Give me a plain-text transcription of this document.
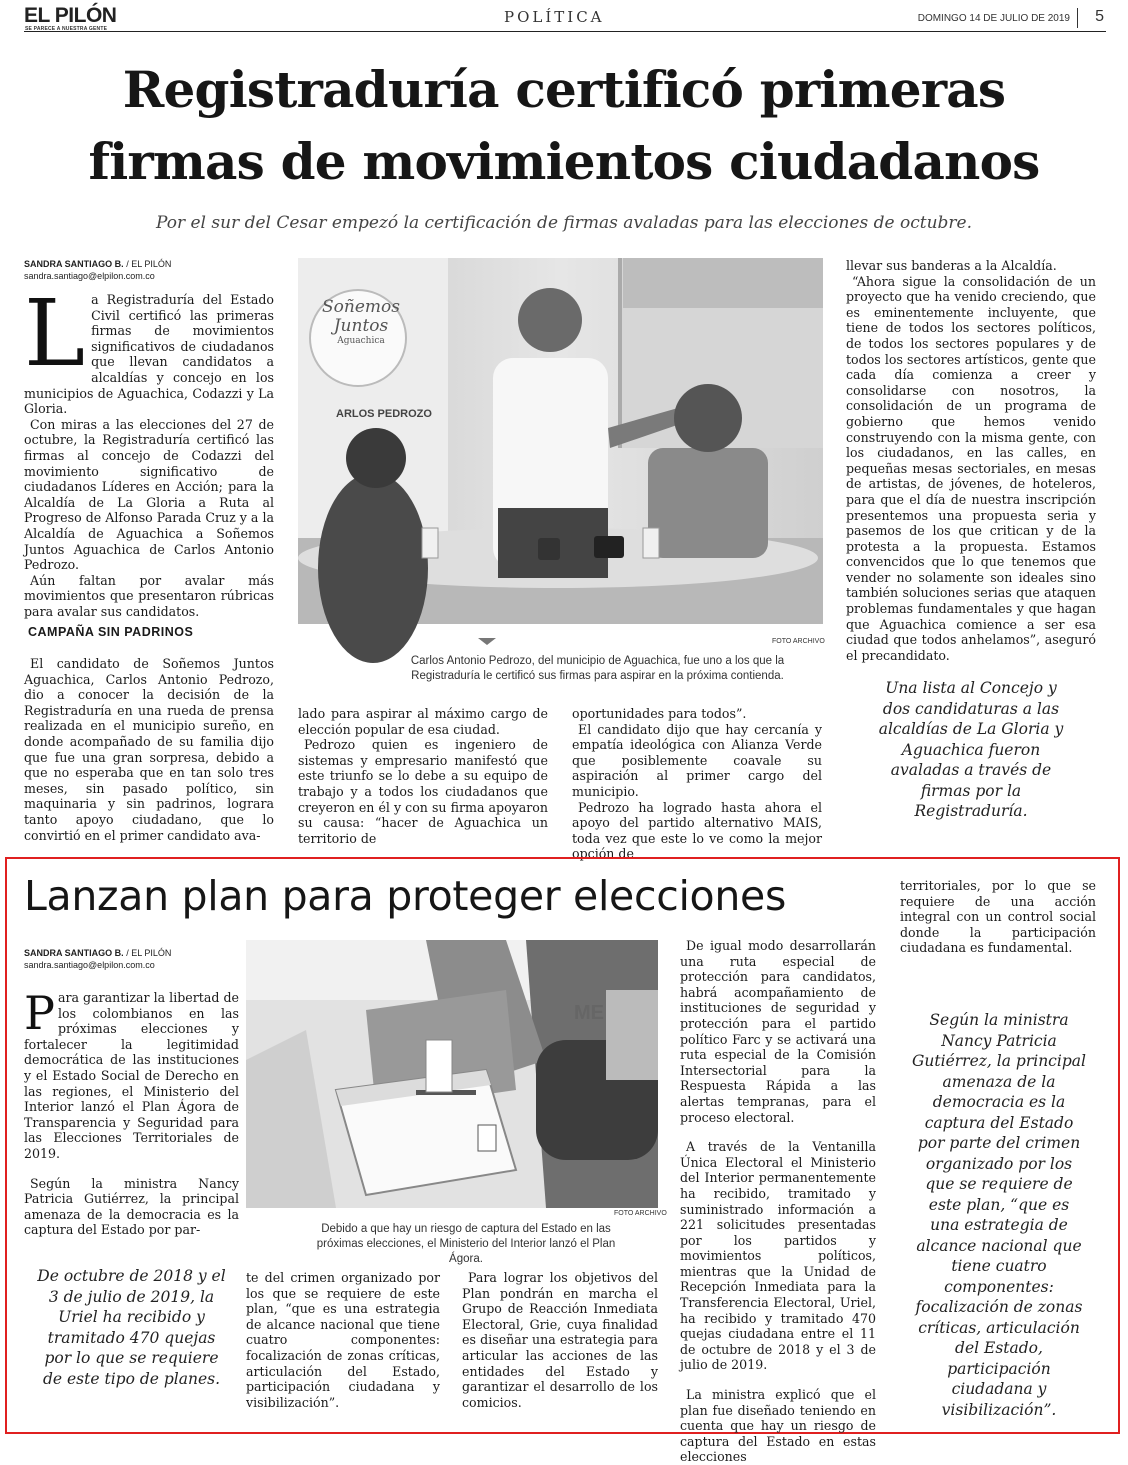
EL PILÓN
SE PARECE A NUESTRA GENTE
POLÍTICA	DOMINGO 14 DE JULIO DE 2019 5
Registraduría certificó primeras
firmas de movimientos ciudadanos
Por el sur del Cesar empezó la certificación de firmas avaladas para las elecciones de octubre.
SANDRA SANTIAGO B. / EL PILÓN
sandra.santiago@elpilon.com.co
L a Registraduría del Estado Civil certificó las primeras firmas de movimientos significativos de ciudadanos que llevan candidatos a alcaldías y concejo en los municipios de Aguachica, Codazzi y La Gloria.

Con miras a las elecciones del 27 de octubre, la Registraduría certificó las firmas al concejo de Codazzi del movimiento significativo de ciudadanos Líderes en Acción; para la Alcaldía de La Gloria a Ruta al Progreso de Alfonso Parada Cruz y a la Alcaldía de Aguachica a Soñemos Juntos Aguachica de Carlos Antonio Pedrozo.

Aún faltan por avalar más movimientos que presentaron rúbricas para avalar sus candidatos.

CAMPAÑA SIN PADRINOS

El candidato de Soñemos Juntos Aguachica, Carlos Antonio Pedrozo, dio a conocer la decisión de la Registraduría en una rueda de prensa realizada en el municipio sureño, en donde acompañado de su familia dijo que fue una gran sorpresa, debido a que no esperaba que en tan solo tres meses, sin pasado político, sin maquinaria y sin padrinos, lograra tanto apoyo ciudadano, que lo convirtió en el primer candidato ava-

Soñemos
Juntos
Aguachica
ARLOS PEDROZO
FOTO ARCHIVO
Carlos Antonio Pedrozo, del municipio de Aguachica, fue uno a los que la Registraduría le certificó sus firmas para aspirar en la próxima contienda.

lado para aspirar al máximo cargo de elección popular de esa ciudad.

Pedrozo quien es ingeniero de sistemas y empresario manifestó que este triunfo se lo debe a su equipo de trabajo y a todos los ciudadanos que creyeron en él y con su firma apoyaron su causa: “hacer de Aguachica un territorio de

oportunidades para todos”.

El candidato dijo que hay cercanía y empatía ideológica con Alianza Verde que posiblemente coavale su aspiración al primer cargo del municipio.

Pedrozo ha logrado hasta ahora el apoyo del partido alternativo MAIS, toda vez que este lo ve como la mejor opción de

llevar sus banderas a la Alcaldía.

“Ahora sigue la consolidación de un proyecto que ha venido creciendo, que es eminentemente incluyente, que tiene de todos los sectores políticos, de todos los sectores populares y de todos los sectores artísticos, gente que cada día comienza a creer y consolidarse con nosotros, la consolidación de un programa de gobierno que hemos venido construyendo con la misma gente, con los ciudadanos, en las calles, en pequeñas mesas sectoriales, en mesas de artistas, de jóvenes, de hoteleros, para que el día de nuestra inscripción presentemos una propuesta seria y pasemos de los que critican y de la protesta a la propuesta. Estamos convencidos que lo que tenemos que vender no solamente son ideales sino también soluciones serias que ataquen problemas fundamentales y que hagan que Aguachica comience a ser esa ciudad que todos anhelamos”, aseguró el precandidato.

Una lista al Concejo y dos candidaturas a las alcaldías de La Gloria y Aguachica fueron avaladas a través de firmas por la Registraduría.
Lanzan plan para proteger elecciones
SANDRA SANTIAGO B. / EL PILÓN
sandra.santiago@elpilon.com.co
P ara garantizar la libertad de los colombianos en las próximas elecciones y fortalecer la legitimidad democrática de las instituciones y el Estado Social de Derecho en las regiones, el Ministerio del Interior lanzó el Plan Ágora de Transparencia y Seguridad para las Elecciones Territoriales de 2019.

Según la ministra Nancy Patricia Gutiérrez, la principal amenaza de la democracia es la captura del Estado por par-

De octubre de 2018 y el 3 de julio de 2019, la Uriel ha recibido y tramitado 470 quejas por lo que se requiere de este tipo de planes.
ME
FOTO ARCHIVO
Debido a que hay un riesgo de captura del Estado en las próximas elecciones, el Ministerio del Interior lanzó el Plan Ágora.

te del crimen organizado por los que se requiere de este plan, “que es una estrategia de alcance nacional que tiene cuatro componentes: focalización de zonas críticas, articulación del Estado, participación ciudadana y visibilización”.

Para lograr los objetivos del Plan pondrán en marcha el Grupo de Reacción Inmediata Electoral, Grie, cuya finalidad es diseñar una estrategia para articular las acciones de las entidades del Estado y garantizar el desarrollo de los comicios.

De igual modo desarrollarán una ruta especial de protección para candidatos, habrá acompañamiento de instituciones de seguridad y protección para el partido político Farc y se activará una ruta especial de la Comisión Intersectorial para la Respuesta Rápida a las alertas tempranas, para el proceso electoral.

A través de la Ventanilla Única Electoral el Ministerio del Interior permanentemente ha recibido, tramitado y suministrado información a 221 solicitudes presentadas por los partidos y movimientos políticos, mientras que la Unidad de Recepción Inmediata para la Transferencia Electoral, Uriel, ha recibido y tramitado 470 quejas ciudadana entre el 11 de octubre de 2018 y el 3 de julio de 2019.

La ministra explicó que el plan fue diseñado teniendo en cuenta que hay un riesgo de captura del Estado en estas elecciones

territoriales, por lo que se requiere de una acción integral con un control social donde la participación ciudadana es fundamental.

Según la ministra Nancy Patricia Gutiérrez, la principal amenaza de la democracia es la captura del Estado por parte del crimen organizado por los que se requiere de este plan, “que es una estrategia de alcance nacional que tiene cuatro componentes: focalización de zonas críticas, articulación del Estado, participación ciudadana y visibilización”.
